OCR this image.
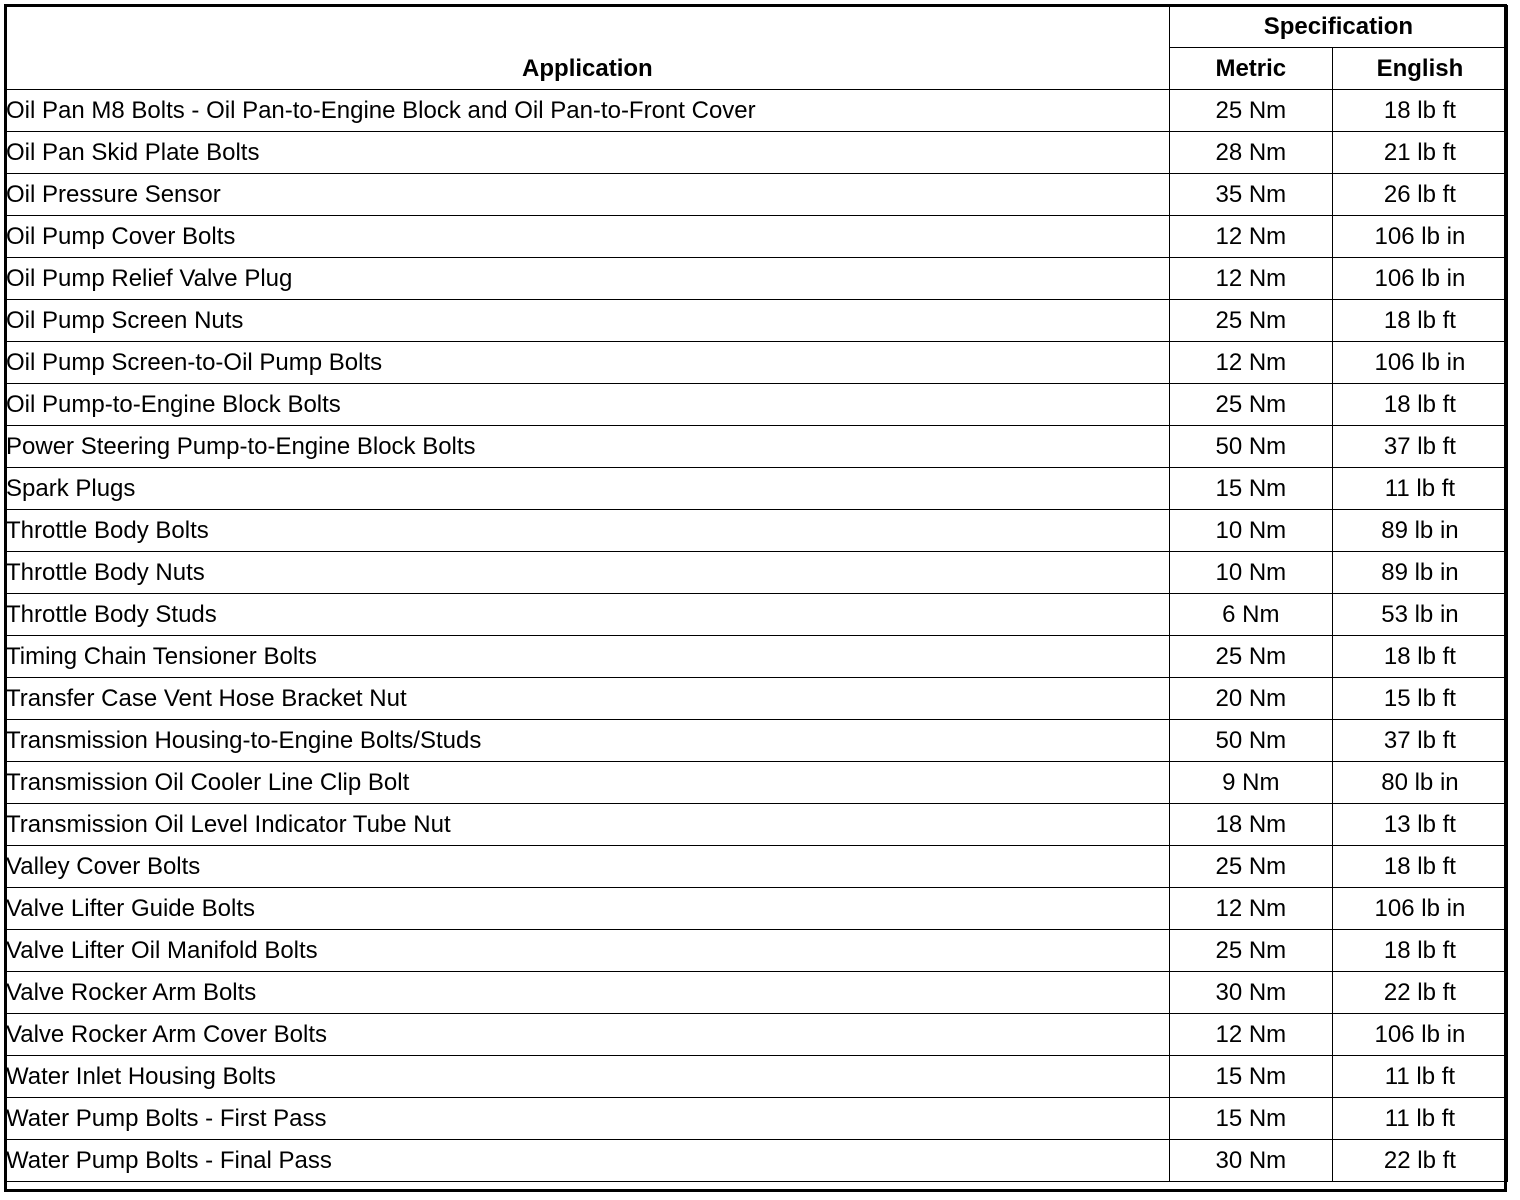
Application	Specification	
	Metric	English
Oil Pan M8 Bolts - Oil Pan-to-Engine Block and Oil Pan-to-Front Cover	25 Nm	18 lb ft
Oil Pan Skid Plate Bolts	28 Nm	21 lb ft
Oil Pressure Sensor	35 Nm	26 lb ft
Oil Pump Cover Bolts	12 Nm	106 lb in
Oil Pump Relief Valve Plug	12 Nm	106 lb in
Oil Pump Screen Nuts	25 Nm	18 lb ft
Oil Pump Screen-to-Oil Pump Bolts	12 Nm	106 lb in
Oil Pump-to-Engine Block Bolts	25 Nm	18 lb ft
Power Steering Pump-to-Engine Block Bolts	50 Nm	37 lb ft
Spark Plugs	15 Nm	11 lb ft
Throttle Body Bolts	10 Nm	89 lb in
Throttle Body Nuts	10 Nm	89 lb in
Throttle Body Studs	6 Nm	53 lb in
Timing Chain Tensioner Bolts	25 Nm	18 lb ft
Transfer Case Vent Hose Bracket Nut	20 Nm	15 lb ft
Transmission Housing-to-Engine Bolts/Studs	50 Nm	37 lb ft
Transmission Oil Cooler Line Clip Bolt	9 Nm	80 lb in
Transmission Oil Level Indicator Tube Nut	18 Nm	13 lb ft
Valley Cover Bolts	25 Nm	18 lb ft
Valve Lifter Guide Bolts	12 Nm	106 lb in
Valve Lifter Oil Manifold Bolts	25 Nm	18 lb ft
Valve Rocker Arm Bolts	30 Nm	22 lb ft
Valve Rocker Arm Cover Bolts	12 Nm	106 lb in
Water Inlet Housing Bolts	15 Nm	11 lb ft
Water Pump Bolts - First Pass	15 Nm	11 lb ft
Water Pump Bolts - Final Pass	30 Nm	22 lb ft
